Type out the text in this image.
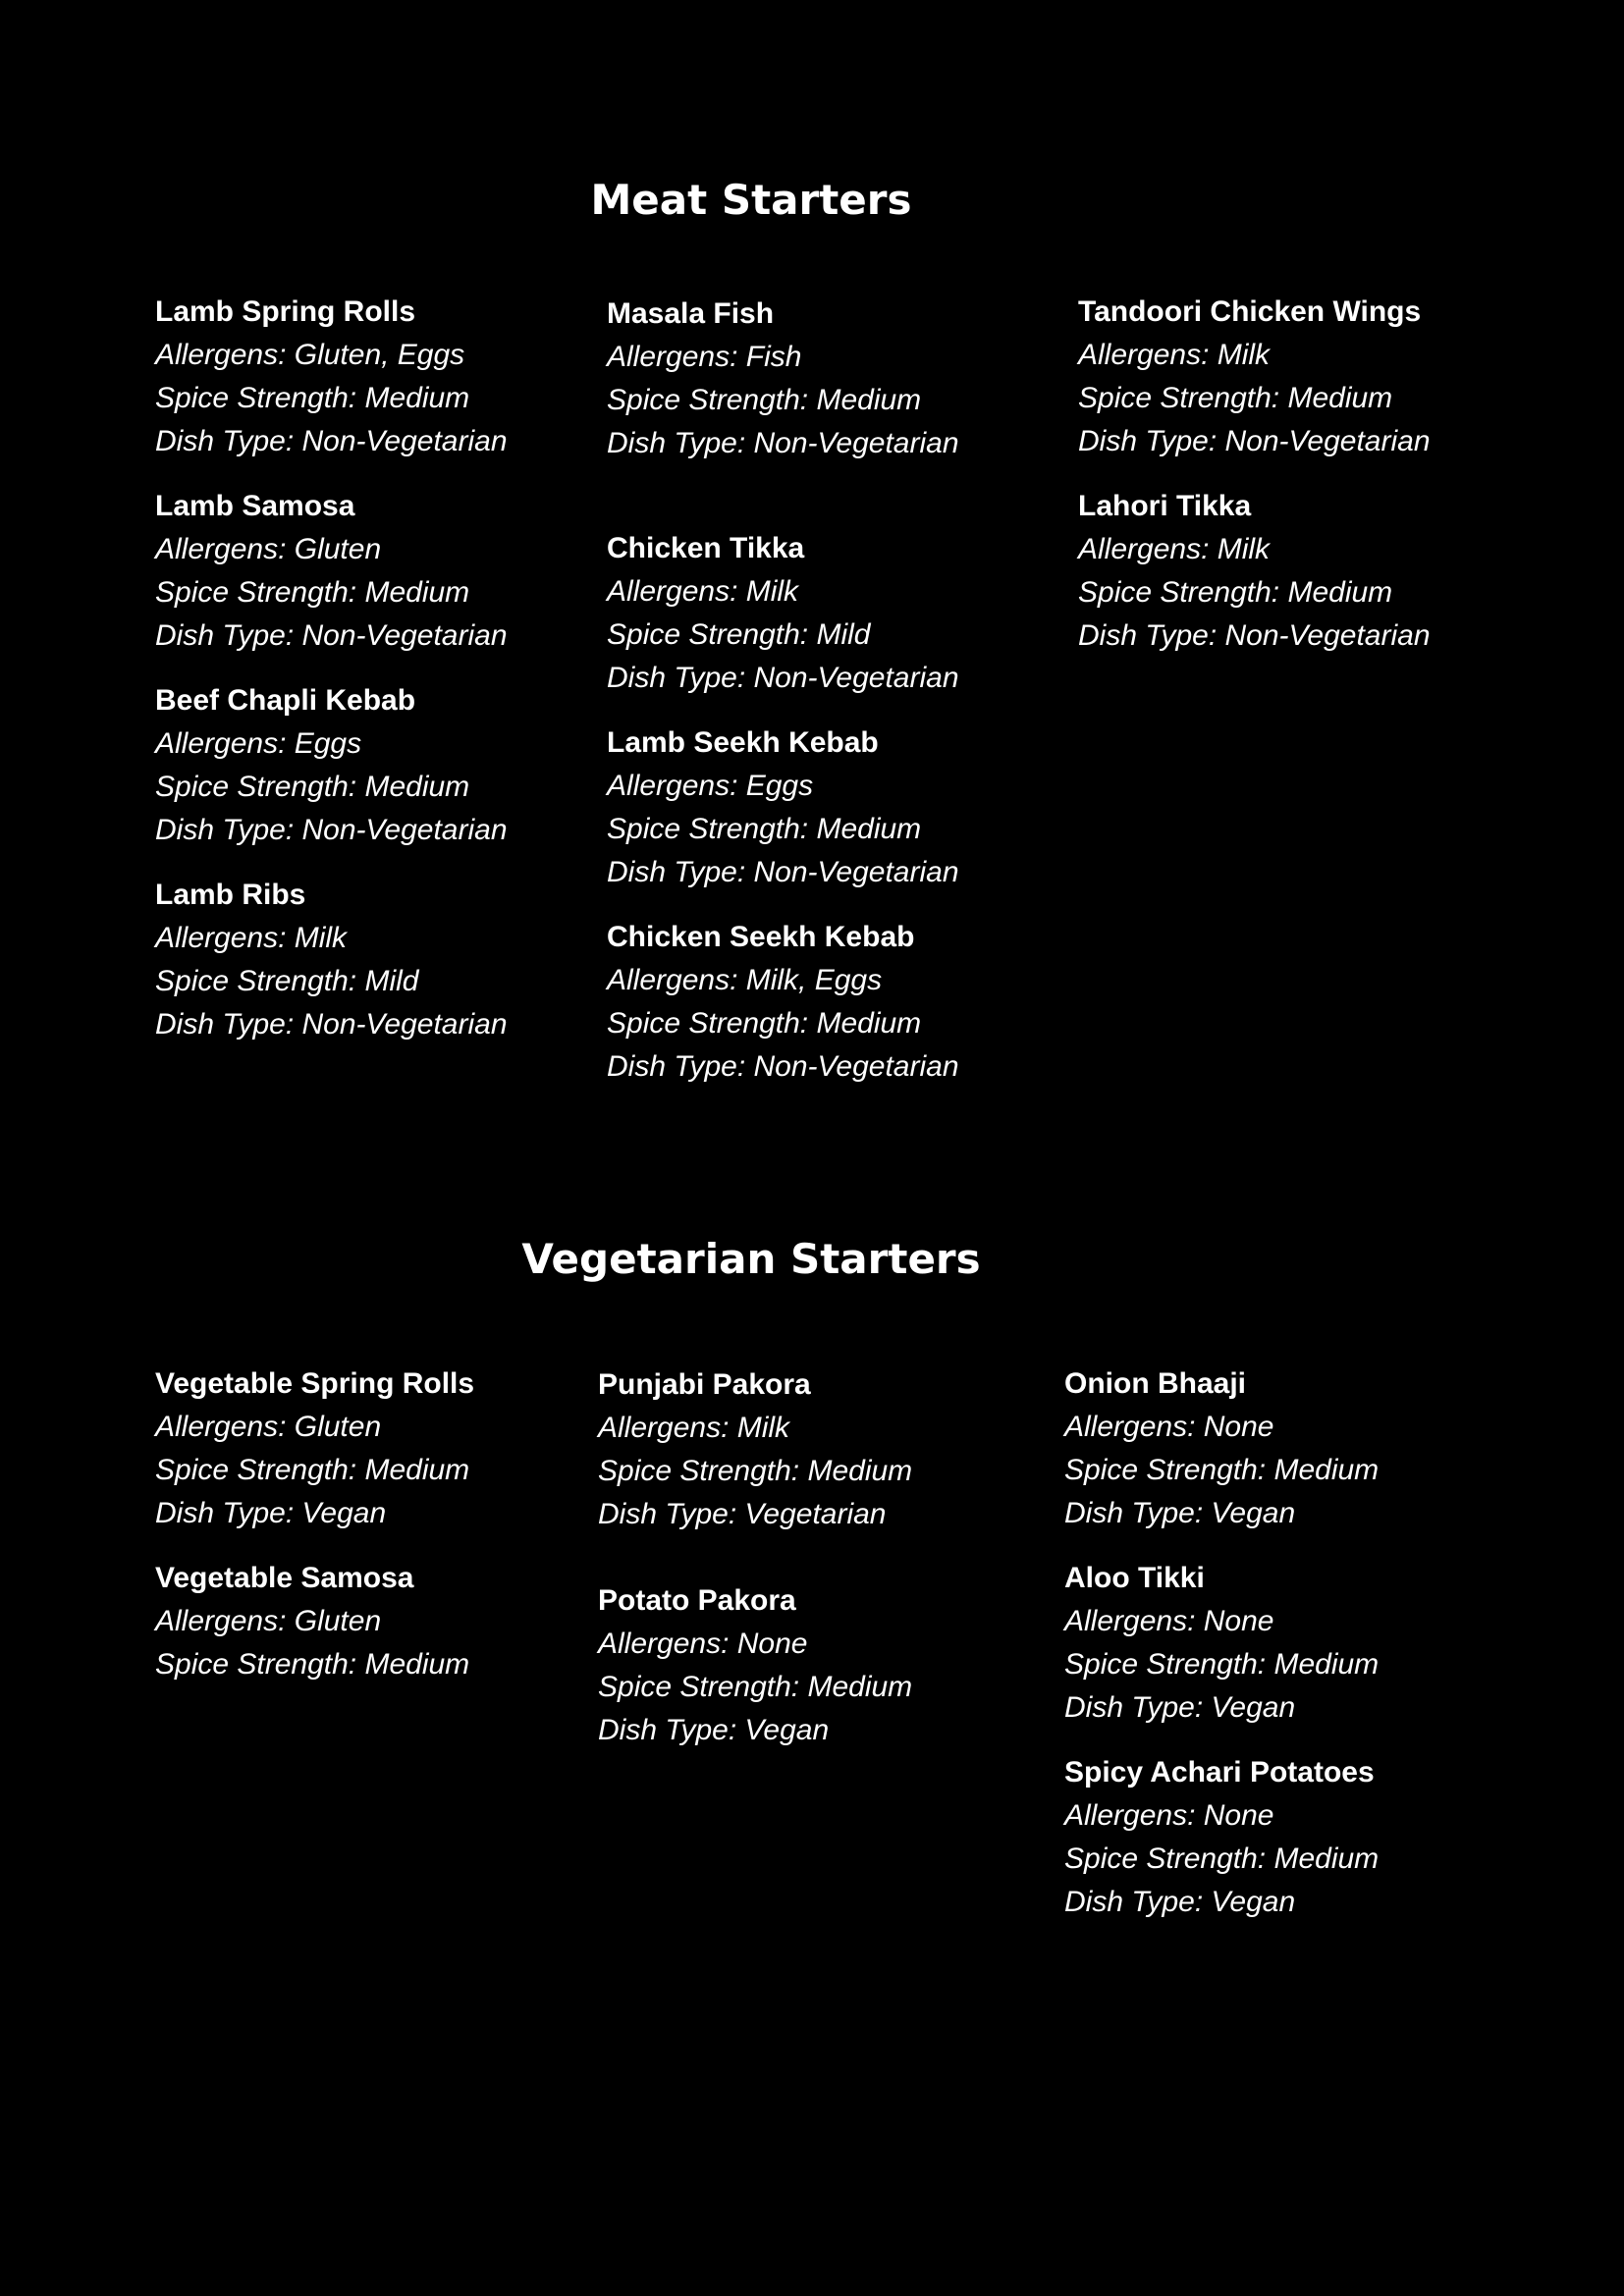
Meat Starters
Lamb Spring Rolls
Allergens: Gluten, Eggs
Spice Strength: Medium
Dish Type: Non-Vegetarian
Lamb Samosa
Allergens: Gluten
Spice Strength: Medium
Dish Type: Non-Vegetarian
Beef Chapli Kebab
Allergens: Eggs
Spice Strength: Medium
Dish Type: Non-Vegetarian
Lamb Ribs
Allergens: Milk
Spice Strength: Mild
Dish Type: Non-Vegetarian
Masala Fish
Allergens: Fish
Spice Strength: Medium
Dish Type: Non-Vegetarian
Chicken Tikka
Allergens: Milk
Spice Strength: Mild
Dish Type: Non-Vegetarian
Lamb Seekh Kebab
Allergens: Eggs
Spice Strength: Medium
Dish Type: Non-Vegetarian
Chicken Seekh Kebab
Allergens: Milk, Eggs
Spice Strength: Medium
Dish Type: Non-Vegetarian
Tandoori Chicken Wings
Allergens: Milk
Spice Strength: Medium
Dish Type: Non-Vegetarian
Lahori Tikka
Allergens: Milk
Spice Strength: Medium
Dish Type: Non-Vegetarian
Vegetarian Starters
Vegetable Spring Rolls
Allergens: Gluten
Spice Strength: Medium
Dish Type: Vegan
Vegetable Samosa
Allergens: Gluten
Spice Strength: Medium
Punjabi Pakora
Allergens: Milk
Spice Strength: Medium
Dish Type: Vegetarian
Potato Pakora
Allergens: None
Spice Strength: Medium
Dish Type: Vegan
Onion Bhaaji
Allergens: None
Spice Strength: Medium
Dish Type: Vegan
Aloo Tikki
Allergens: None
Spice Strength: Medium
Dish Type: Vegan
Spicy Achari Potatoes
Allergens: None
Spice Strength: Medium
Dish Type: Vegan
